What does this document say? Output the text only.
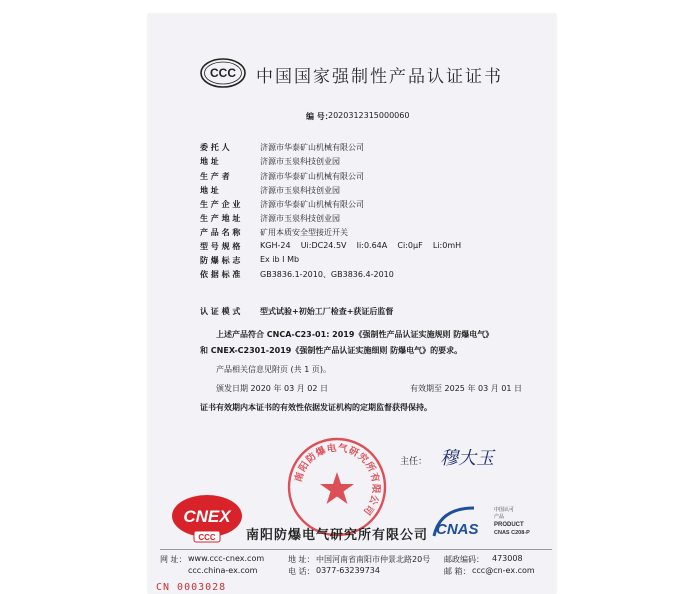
CCC 中国国家强制性产品认证证书
编 号：
2020312315000060
委 托 人	济源市华泰矿山机械有限公司
地 址	济源市玉泉科技创业园
生 产 者	济源市华泰矿山机械有限公司
地 址	济源市玉泉科技创业园
生 产 企 业 济源市华泰矿山机械有限公司
生 产 地 址 济源市玉泉科技创业园
产 品 名 称 矿用本质安全型接近开关
型 号 规 格 KGH-24    Ui:DC24.5V    Ii:0.64A    Ci:0μF    Li:0mH
防 爆 标 志 Ex ib I Mb
依 据 标 准 GB3836.1-2010、GB3836.4-2010
认 证 模 式 型式试验+初始工厂检查+获证后监督
上述产品符合 CNCA-C23-01: 2019《强制性产品认证实施规则 防爆电气》
和 CNEX-C2301-2019《强制性产品认证实施细则 防爆电气》的要求。
产品相关信息见附页 (共 1 页)。
颁发日期 2020 年 03 月 02 日	有效期至 2025 年 03 月 01 日
证书有效期内本证书的有效性依据发证机构的定期监督获得保持。
南阳防爆电气研究所有限公司
主任： 穆大玉
CNEX
CCC 南阳防爆电气研究所有限公司 CNAS
中国认可
产品
PRODUCT
CNAS C208-P
网 址： www.ccc-cnex.com
ccc.china-ex.com
地 址： 中国河南省南阳市仲景北路20号
电 话： 0377-63239734
邮政编码： 473008
邮 箱： ccc@cn-ex.com
CN 0003028
